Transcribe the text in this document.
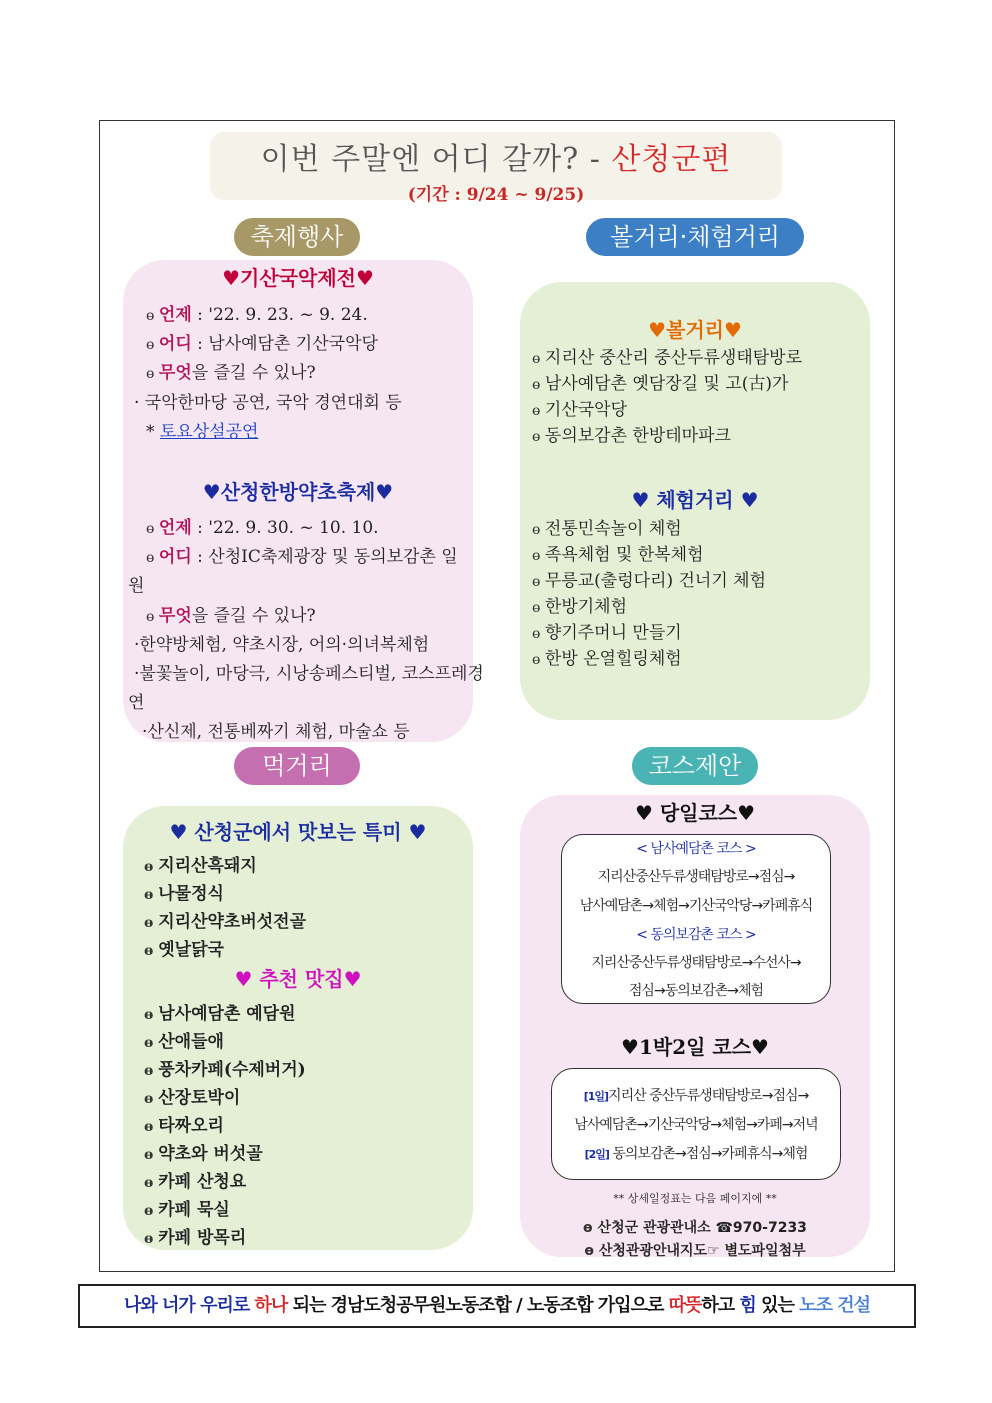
이번 주말엔 어디 갈까? - 산청군편
(기간 : 9/24 ~ 9/25)
축제행사	볼거리·체험거리
먹거리	코스제안
♥기산국악제전♥
ɵ 언제 : '22. 9. 23. ~ 9. 24.
ɵ 어디 : 남사예담촌 기산국악당
ɵ 무엇을 즐길 수 있나?
· 국악한마당 공연, 국악 경연대회 등
* 토요상설공연
♥산청한방약초축제♥
ɵ 언제 : '22. 9. 30. ~ 10. 10.
ɵ 어디 : 산청IC축제광장 및 동의보감촌 일
원
ɵ 무엇을 즐길 수 있나?
·한약방체험, 약초시장, 어의·의녀복체험
·불꽃놀이, 마당극, 시낭송페스티벌, 코스프레경
연
·산신제, 전통베짜기 체험, 마술쇼 등
♥볼거리♥
ɵ 지리산 중산리 중산두류생태탐방로
ɵ 남사예담촌 옛담장길 및 고(古)가
ɵ 기산국악당
ɵ 동의보감촌 한방테마파크
♥ 체험거리 ♥
ɵ 전통민속놀이 체험
ɵ 족욕체험 및 한복체험
ɵ 무릉교(출렁다리) 건너기 체험
ɵ 한방기체험
ɵ 향기주머니 만들기
ɵ 한방 온열힐링체험
♥ 산청군에서 맛보는 특미 ♥
ɵ 지리산흑돼지
ɵ 나물정식
ɵ 지리산약초버섯전골
ɵ 옛날닭국
♥ 추천 맛집♥
ɵ 남사예담촌 예담원
ɵ 산애들애
ɵ 풍차카페(수제버거)
ɵ 산장토박이
ɵ 타짜오리
ɵ 약초와 버섯골
ɵ 카페 산청요
ɵ 카페 묵실
ɵ 카페 방목리
♥ 당일코스♥
< 남사예담촌 코스 >
지리산중산두류생태탐방로→점심→
남사예담촌→체험→기산국악당→카페휴식
< 동의보감촌 코스 >
지리산중산두류생태탐방로→수선사→
점심→동의보감촌→체험
♥1박2일 코스♥
[1일]지리산 중산두류생태탐방로→점심→
남사예담촌→기산국악당→체험→카페→저녁
[2일] 동의보감촌→점심→카페휴식→체험
** 상세일정표는 다음 페이지에 **
ɵ 산청군 관광관내소 ☎970-7233
ɵ 산청관광안내지도☞ 별도파일첨부
나와 너가 우리로 하나 되는 경남도청공무원노동조합 / 노동조합 가입으로 따뜻하고 힘 있는 노조 건설
